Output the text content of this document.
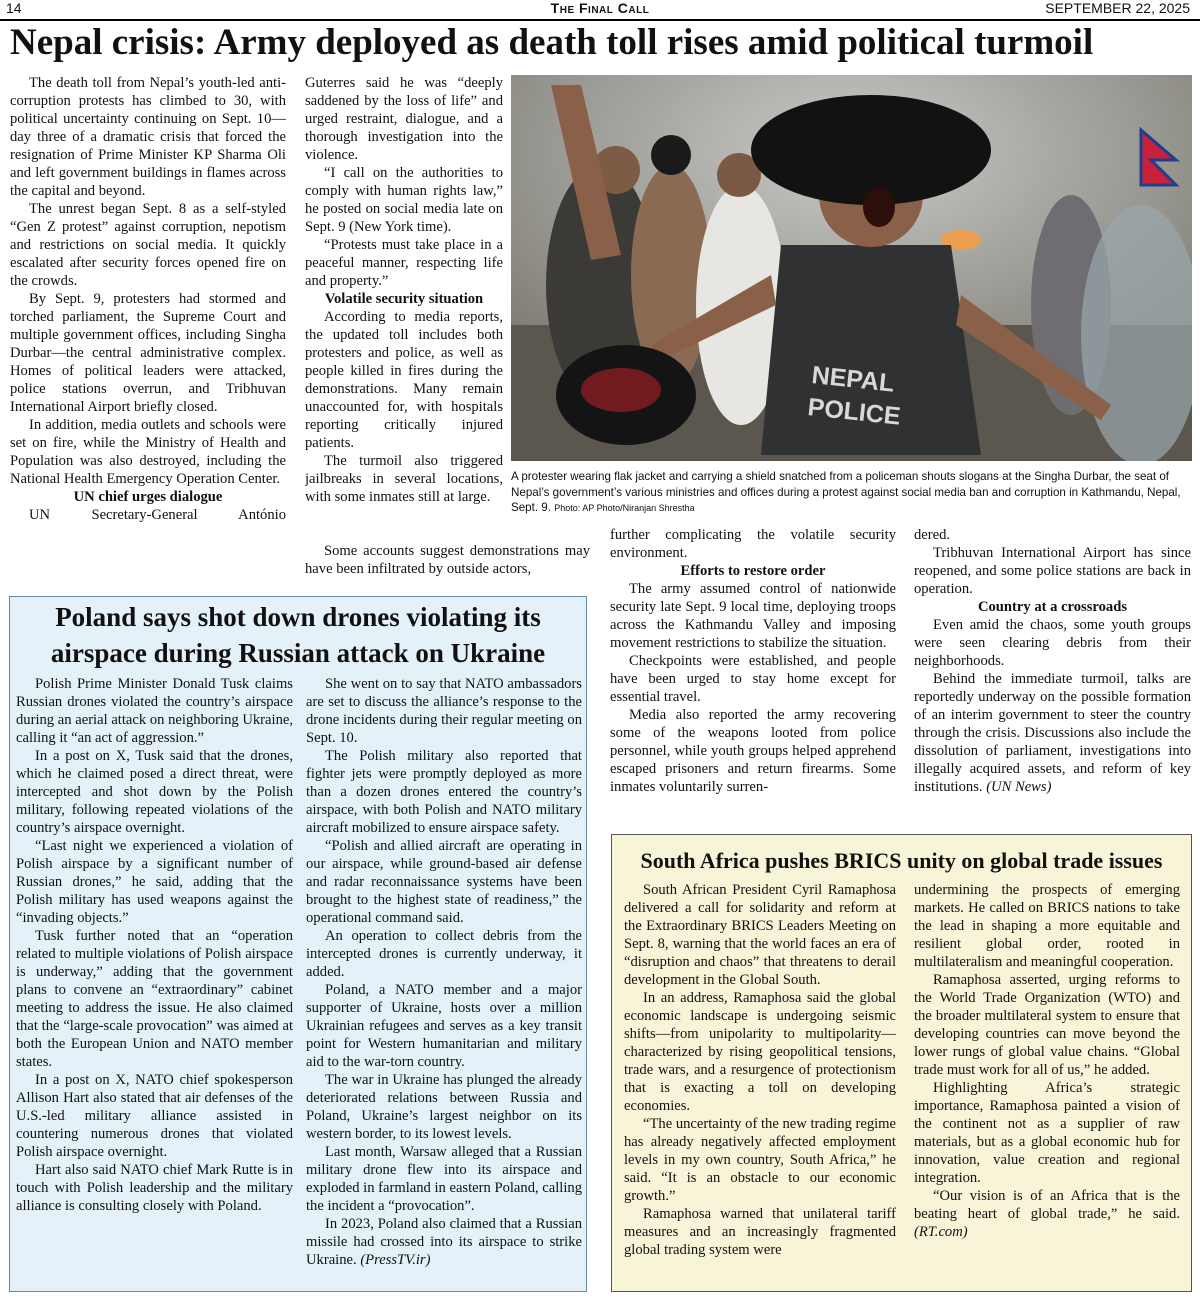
14	The Final Call	SEPTEMBER 22, 2025
Nepal crisis: Army deployed as death toll rises amid political turmoil

The death toll from Nepal’s youth-led anti-corruption protests has climbed to 30, with political uncertainty continuing on Sept. 10—day three of a dramatic crisis that forced the resignation of Prime Minister KP Sharma Oli and left government buildings in flames across the capital and beyond.

The unrest began Sept. 8 as a self-styled “Gen Z protest” against corruption, nepotism and restrictions on social media. It quickly escalated after security forces opened fire on the crowds.

By Sept. 9, protesters had stormed and torched parliament, the Supreme Court and multiple government offices, including Singha Durbar—the central administrative complex. Homes of political leaders were attacked, police stations overrun, and Tribhuvan International Airport briefly closed.

In addition, media outlets and schools were set on fire, while the Ministry of Health and Population was also destroyed, including the National Health Emergency Operation Center.

UN chief urges dialogue

UN Secretary-General António

Guterres said he was “deeply saddened by the loss of life” and urged restraint, dialogue, and a thorough investigation into the violence.

“I call on the authorities to comply with human rights law,” he posted on social media late on Sept. 9 (New York time).

“Protests must take place in a peaceful manner, respecting life and property.”

Volatile security situation

According to media reports, the updated toll includes both protesters and police, as well as people killed in fires during the demonstrations. Many remain unaccounted for, with hospitals reporting critically injured patients.

The turmoil also triggered jailbreaks in several locations, with some inmates still at large.

Some accounts suggest demonstrations may have been infiltrated by outside actors,

NEPAL
POLICE

A protester wearing flak jacket and carrying a shield snatched from a policeman shouts slogans at the Singha Durbar, the seat of Nepal’s government’s various ministries and offices during a protest against social media ban and corruption in Kathmandu, Nepal, Sept. 9. Photo: AP Photo/Niranjan Shrestha

further complicating the volatile security environment.

Efforts to restore order

The army assumed control of nationwide security late Sept. 9 local time, deploying troops across the Kathmandu Valley and imposing movement restrictions to stabilize the situation.

Checkpoints were established, and people have been urged to stay home except for essential travel.

Media also reported the army recovering some of the weapons looted from police personnel, while youth groups helped apprehend escaped prisoners and return firearms. Some inmates voluntarily surren-

dered.

Tribhuvan International Airport has since reopened, and some police stations are back in operation.

Country at a crossroads

Even amid the chaos, some youth groups were seen clearing debris from their neighborhoods.

Behind the immediate turmoil, talks are reportedly underway on the possible formation of an interim government to steer the country through the crisis. Discussions also include the dissolution of parliament, investigations into illegally acquired assets, and reform of key institutions. (UN News)

Poland says shot down drones violating its airspace during Russian attack on Ukraine

Polish Prime Minister Donald Tusk claims Russian drones violated the country’s airspace during an aerial attack on neighboring Ukraine, calling it “an act of aggression.”

In a post on X, Tusk said that the drones, which he claimed posed a direct threat, were intercepted and shot down by the Polish military, following repeated violations of the country’s airspace overnight.

“Last night we experienced a violation of Polish airspace by a significant number of Russian drones,” he said, adding that the Polish military has used weapons against the “invading objects.”

Tusk further noted that an “operation related to multiple violations of Polish airspace is underway,” adding that the government plans to convene an “extraordinary” cabinet meeting to address the issue. He also claimed that the “large-scale provocation” was aimed at both the European Union and NATO member states.

In a post on X, NATO chief spokesperson Allison Hart also stated that air defenses of the U.S.-led military alliance assisted in countering numerous drones that violated Polish airspace overnight.

Hart also said NATO chief Mark Rutte is in touch with Polish leadership and the military alliance is consulting closely with Poland.

She went on to say that NATO ambassadors are set to discuss the alliance’s response to the drone incidents during their regular meeting on Sept. 10.

The Polish military also reported that fighter jets were promptly deployed as more than a dozen drones entered the country’s airspace, with both Polish and NATO military aircraft mobilized to ensure airspace safety.

“Polish and allied aircraft are operating in our airspace, while ground-based air defense and radar reconnaissance systems have been brought to the highest state of readiness,” the operational command said.

An operation to collect debris from the intercepted drones is currently underway, it added.

Poland, a NATO member and a major supporter of Ukraine, hosts over a million Ukrainian refugees and serves as a key transit point for Western humanitarian and military aid to the war-torn country.

The war in Ukraine has plunged the already deteriorated relations between Russia and Poland, Ukraine’s largest neighbor on its western border, to its lowest levels.

Last month, Warsaw alleged that a Russian military drone flew into its airspace and exploded in farmland in eastern Poland, calling the incident a “provocation”.

In 2023, Poland also claimed that a Russian missile had crossed into its airspace to strike Ukraine. (PressTV.ir)

South Africa pushes BRICS unity on global trade issues

South African President Cyril Ramaphosa delivered a call for solidarity and reform at the Extraordinary BRICS Leaders Meeting on Sept. 8, warning that the world faces an era of “disruption and chaos” that threatens to derail development in the Global South.

In an address, Ramaphosa said the global economic landscape is undergoing seismic shifts—from unipolarity to multipolarity—characterized by rising geopolitical tensions, trade wars, and a resurgence of protectionism that is exacting a toll on developing economies.

“The uncertainty of the new trading regime has already negatively affected employment levels in my own country, South Africa,” he said. “It is an obstacle to our economic growth.”

Ramaphosa warned that unilateral tariff measures and an increasingly fragmented global trading system were

undermining the prospects of emerging markets. He called on BRICS nations to take the lead in shaping a more equitable and resilient global order, rooted in multilateralism and meaningful cooperation.

Ramaphosa asserted, urging reforms to the World Trade Organization (WTO) and the broader multilateral system to ensure that developing countries can move beyond the lower rungs of global value chains. “Global trade must work for all of us,” he added.

Highlighting Africa’s strategic importance, Ramaphosa painted a vision of the continent not as a supplier of raw materials, but as a global economic hub for innovation, value creation and regional integration.

“Our vision is of an Africa that is the beating heart of global trade,” he said. (RT.com)
